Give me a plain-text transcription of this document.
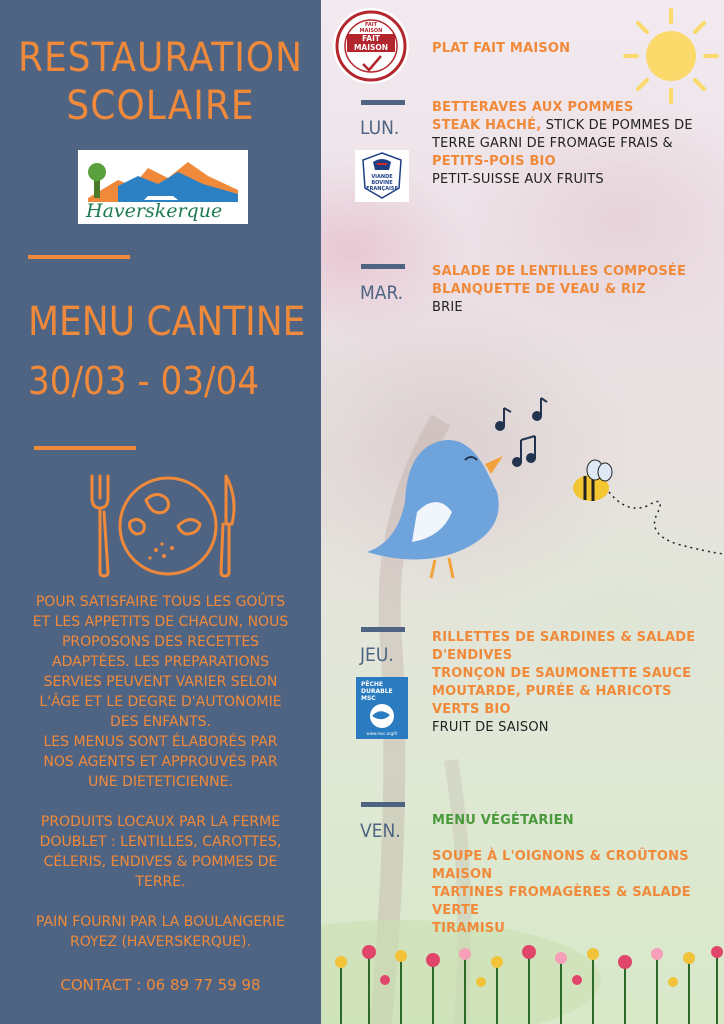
RESTAURATION
SCOLAIRE
Haverskerque
MENU CANTINE
30/03 - 03/04
POUR SATISFAIRE TOUS LES GOÛTS
ET LES APPETITS DE CHACUN, NOUS
PROPOSONS DES RECETTES
ADAPTÉES. LES PREPARATIONS
SERVIES PEUVENT VARIER SELON
L'ÂGE ET LE DEGRE D'AUTONOMIE
DES ENFANTS.
LES MENUS SONT ÉLABORÉS PAR
NOS AGENTS ET APPROUVÉS PAR
UNE DIETETICIENNE.
PRODUITS LOCAUX PAR LA FERME
DOUBLET : LENTILLES, CAROTTES,
CÉLERIS, ENDIVES & POMMES DE
TERRE.
PAIN FOURNI PAR LA BOULANGERIE
ROYEZ (HAVERSKERQUE).
CONTACT : 06 89 77 59 98
FAIT
MAISON
FAIT MAISON
PLAT FAIT MAISON
LUN.
VIANDE
BOVINE
FRANÇAISE
BETTERAVES AUX POMMES
STEAK HACHÉ, STICK DE POMMES DE
TERRE GARNI DE FROMAGE FRAIS &
PETITS-POIS BIO
PETIT-SUISSE AUX FRUITS
MAR.
SALADE DE LENTILLES COMPOSÉE
BLANQUETTE DE VEAU & RIZ
BRIE
JEU.
PÊCHE
DURABLE
MSC
www.msc.org/fr
RILLETTES DE SARDINES & SALADE
D'ENDIVES
TRONÇON DE SAUMONETTE SAUCE
MOUTARDE, PURÉE & HARICOTS
VERTS BIO
FRUIT DE SAISON
VEN. MENU VÉGÉTARIEN
SOUPE À L'OIGNONS & CROÛTONS
MAISON
TARTINES FROMAGÈRES & SALADE
VERTE
TIRAMISU
